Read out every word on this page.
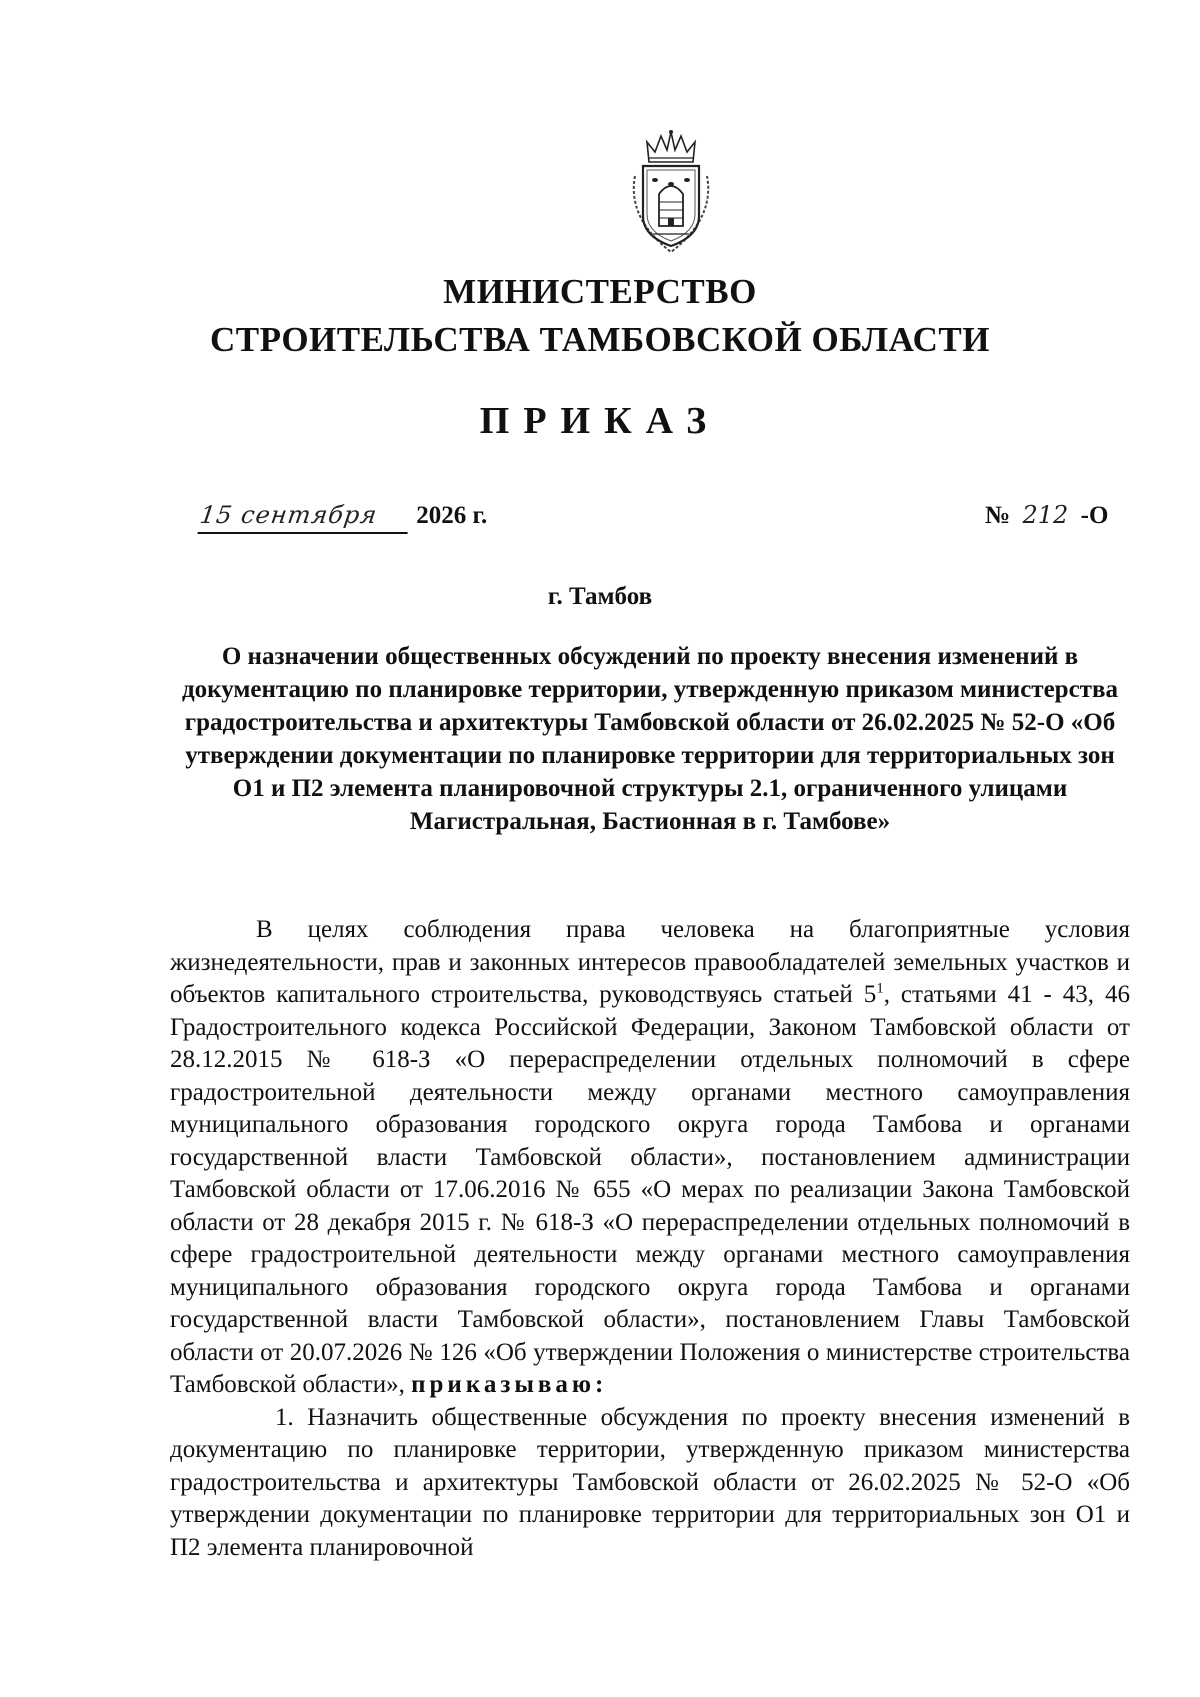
МИНИСТЕРСТВО
СТРОИТЕЛЬСТВА ТАМБОВСКОЙ ОБЛАСТИ
ПРИКАЗ
15 сентября 2026 г.	№ 212 -О
г. Тамбов
О назначении общественных обсуждений по проекту внесения изменений в документацию по планировке территории, утвержденную приказом министерства градостроительства и архитектуры Тамбовской области от 26.02.2025 № 52-О «Об утверждении документации по планировке территории для территориальных зон О1 и П2 элемента планировочной структуры 2.1, ограниченного улицами Магистральная, Бастионная в г. Тамбове»

В целях соблюдения права человека на благоприятные условия жизнедеятельности, прав и законных интересов правообладателей земельных участков и объектов капитального строительства, руководствуясь статьей $5^1$, статьями 41 - 43, 46 Градостроительного кодекса Российской Федерации, Законом Тамбовской области от 28.12.2015 № 618-З «О перераспределении отдельных полномочий в сфере градостроительной деятельности между органами местного самоуправления муниципального образования городского округа города Тамбова и органами государственной власти Тамбовской области», постановлением администрации Тамбовской области от 17.06.2016 № 655 «О мерах по реализации Закона Тамбовской области от 28 декабря 2015 г. № 618-З «О перераспределении отдельных полномочий в сфере градостроительной деятельности между органами местного самоуправления муниципального образования городского округа города Тамбова и органами государственной власти Тамбовской области», постановлением Главы Тамбовской области от 20.07.2026 № 126 «Об утверждении Положения о министерстве строительства Тамбовской области», приказываю:

1. Назначить общественные обсуждения по проекту внесения изменений в документацию по планировке территории, утвержденную приказом министерства градостроительства и архитектуры Тамбовской области от 26.02.2025 № 52-О «Об утверждении документации по планировке территории для территориальных зон О1 и П2 элемента планировочной
